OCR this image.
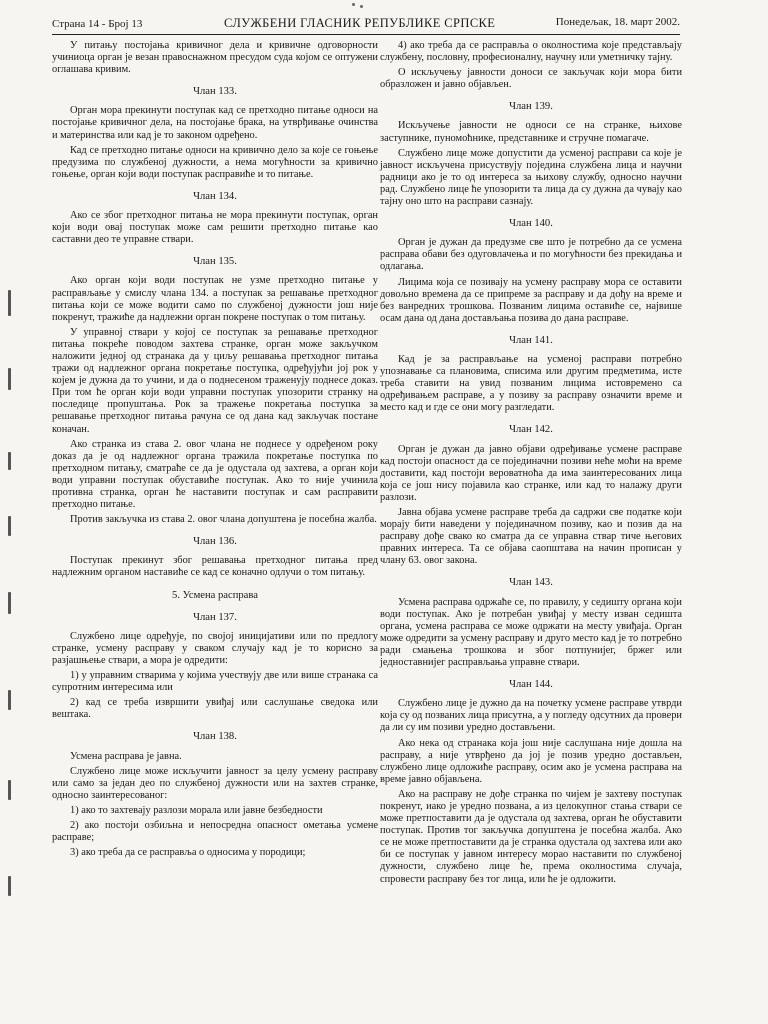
Страна 14 - Број 13	СЛУЖБЕНИ ГЛАСНИК РЕПУБЛИКЕ СРПСКЕ	Понедељак, 18. март 2002.

У питању постојања кривичног дела и кривичне одговорности учиниоца орган је везан правоснажном пресудом суда којом се оптужени оглашава кривим.

Члан 133.

Орган мора прекинути поступак кад се претходно питање односи на постојање кривичног дела, на постојање брака, на утврђивање очинства и материнства или кад је то законом одређено.

Кад се претходно питање односи на кривично дело за које се гоњење предузима по службеној дужности, а нема могућности за кривично гоњење, орган који води поступак расправиће и то питање.

Члан 134.

Ако се због претходног питања не мора прекинути поступак, орган који води овај поступак може сам решити претходно питање као саставни део те управне ствари.

Члан 135.

Ако орган који води поступак не узме претходно питање у расправљање у смислу члана 134. а поступак за решавање претходног питања који се може водити само по службеној дужности још није покренут, тражиће да надлежни орган покрене поступак о том питању.

У управној ствари у којој се поступак за решавање претходног питања покреће поводом захтева странке, орган може закључком наложити једној од странака да у циљу решавања претходног питања тражи од надлежног органа покретање поступка, одређујући јој рок у којем је дужна да то учини, и да о поднесеном траженују поднесе доказ. При том ће орган који води управни поступак упозорити странку на последице пропуштања. Рок за тражење покретања поступка за решавање претходног питања рачуна се од дана кад закључак постане коначан.

Ако странка из става 2. овог члана не поднесе у одређеном року доказ да је од надлежног органа тражила покретање поступка по претходном питању, сматраће се да је одустала од захтева, а орган који води управни поступак обуставиће поступак. Ако то није учинила противна странка, орган ће наставити поступак и сам расправити претходно питање.

Против закључка из става 2. овог члана допуштена је посебна жалба.

Члан 136.

Поступак прекинут због решавања претходног питања пред надлежним органом наставиће се кад се коначно одлучи о том питању.

5. Усмена расправа
Члан 137.

Службено лице одређује, по својој иницијативи или по предлогу странке, усмену расправу у сваком случају кад је то корисно за разјашњење ствари, а мора је одредити:

1) у управним стварима у којима учествују две или више странака са супротним интересима или

2) кад се треба извршити увиђај или саслушање сведока или вештака.

Члан 138.

Усмена расправа је јавна.

Службено лице може искључити јавност за целу усмену расправу или само за један део по службеној дужности или на захтев странке, односно заинтересованог:

1) ако то захтевају разлози морала или јавне безбедности

2) ако постоји озбиљна и непосредна опасност ометања усмене расправе;

3) ако треба да се расправља о односима у породици;

4) ако треба да се расправља о околностима које представљају службену, пословну, професионалну, научну или уметничку тајну.

О искључењу јавности доноси се закључак који мора бити образложен и јавно објављен.

Члан 139.

Искључење јавности не односи се на странке, њихове заступнике, пуномоћнике, представнике и стручне помагаче.

Службено лице може допустити да усменој расправи са које је јавност искључена присуствују поједина службена лица и научни радници ако је то од интереса за њихову службу, односно научни рад. Службено лице ће упозорити та лица да су дужна да чувају као тајну оно што на расправи сазнају.

Члан 140.

Орган је дужан да предузме све што је потребно да се усмена расправа обави без одуговлачења и по могућности без прекидања и одлагања.

Лицима која се позивају на усмену расправу мора се оставити довољно времена да се припреме за расправу и да дођу на време и без ванредних трошкова. Позваним лицима оставиће се, највише осам дана од дана достављања позива до дана расправе.

Члан 141.

Кад је за расправљање на усменој расправи потребно упознавање са плановима, списима или другим предметима, исте треба ставити на увид позваним лицима истовремено са одређивањем расправе, а у позиву за расправу означити време и место кад и где се они могу разгледати.

Члан 142.

Орган је дужан да јавно објави одређивање усмене расправе кад постоји опасност да се појединачни позиви неће моћи на време доставити, кад постоји вероватноћа да има заинтересованих лица која се још нису појавила као странке, или кад то налажу други разлози.

Јавна објава усмене расправе треба да садржи све податке који морају бити наведени у појединачном позиву, као и позив да на расправу дође свако ко сматра да се управна ствар тиче његових правних интереса. Та се објава саопштава на начин прописан у члану 63. овог закона.

Члан 143.

Усмена расправа одржаће се, по правилу, у седишту органа који води поступак. Ако је потребан увиђај у месту изван седишта органа, усмена расправа се може одржати на месту увиђаја. Орган може одредити за усмену расправу и друго место кад је то потребно ради смањења трошкова и због потпунијег, бржег или једноставнијег расправљања управне ствари.

Члан 144.

Службено лице је дужно да на почетку усмене расправе утврди која су од позваних лица присутна, а у погледу одсутних да провери да ли су им позиви уредно достављени.

Ако нека од странака која још није саслушана није дошла на расправу, а није утврђено да јој је позив уредно достављен, службено лице одложиће расправу, осим ако је усмена расправа на време јавно објављена.

Ако на расправу не дође странка по чијем је захтеву поступак покренут, иако је уредно позвана, а из целокупног стања ствари се може претпоставити да је одустала од захтева, орган ће обуставити поступак. Против тог закључка допуштена је посебна жалба. Ако се не може претпоставити да је странка одустала од захтева или ако би се поступак у јавном интересу морао наставити по службеној дужности, службено лице ће, према околностима случаја, спровести расправу без тог лица, или ће је одложити.
